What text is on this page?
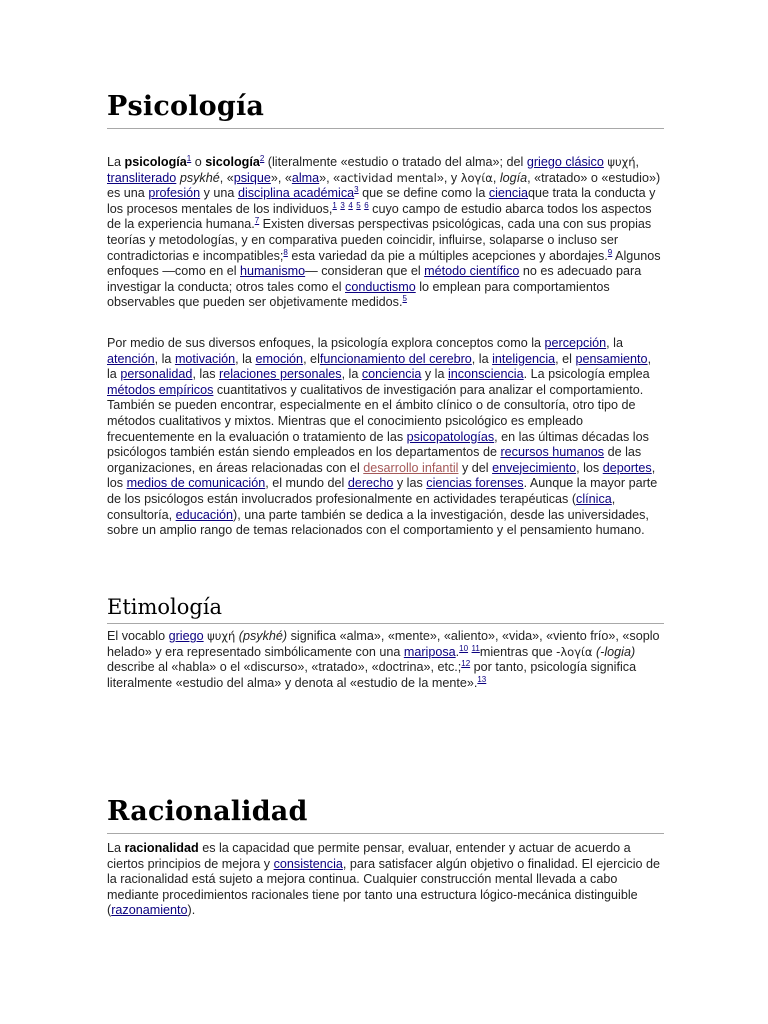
Psicología

La psicología$^1$ o sicología$^2$ (literalmente «estudio o tratado del alma»; del griego clásico ψυχή, transliterado psykhé, «psique», «alma», «actividad mental», y λογία, logía, «tratado» o «estudio») es una profesión y una disciplina académica$^3$ que se define como la cienciaque trata la conducta y los procesos mentales de los individuos,$^1$ $^3$ $^4$ $^5$ $^6$ cuyo campo de estudio abarca todos los aspectos de la experiencia humana.$^7$ Existen diversas perspectivas psicológicas, cada una con sus propias teorías y metodologías, y en comparativa pueden coincidir, influirse, solaparse o incluso ser contradictorias e incompatibles;$^8$ esta variedad da pie a múltiples acepciones y abordajes.$^9$ Algunos enfoques —como en el humanismo— consideran que el método científico no es adecuado para investigar la conducta; otros tales como el conductismo lo emplean para comportamientos observables que pueden ser objetivamente medidos.$^5$

Por medio de sus diversos enfoques, la psicología explora conceptos como la percepción, la atención, la motivación, la emoción, elfuncionamiento del cerebro, la inteligencia, el pensamiento, la personalidad, las relaciones personales, la conciencia y la inconsciencia. La psicología emplea métodos empíricos cuantitativos y cualitativos de investigación para analizar el comportamiento. También se pueden encontrar, especialmente en el ámbito clínico o de consultoría, otro tipo de métodos cualitativos y mixtos. Mientras que el conocimiento psicológico es empleado frecuentemente en la evaluación o tratamiento de las psicopatologías, en las últimas décadas los psicólogos también están siendo empleados en los departamentos de recursos humanos de las organizaciones, en áreas relacionadas con el desarrollo infantil y del envejecimiento, los deportes, los medios de comunicación, el mundo del derecho y las ciencias forenses. Aunque la mayor parte de los psicólogos están involucrados profesionalmente en actividades terapéuticas (clínica, consultoría, educación), una parte también se dedica a la investigación, desde las universidades, sobre un amplio rango de temas relacionados con el comportamiento y el pensamiento humano.

Etimología

El vocablo griego ψυχή (psykhé) significa «alma», «mente», «aliento», «vida», «viento frío», «soplo helado» y era representado simbólicamente con una mariposa.$^{10}$ $^{11}$mientras que -λογία (-logia) describe al «habla» o el «discurso», «tratado», «doctrina», etc.;$^{12}$ por tanto, psicología significa literalmente «estudio del alma» y denota al «estudio de la mente».$^{13}$

Racionalidad

La racionalidad es la capacidad que permite pensar, evaluar, entender y actuar de acuerdo a ciertos principios de mejora y consistencia, para satisfacer algún objetivo o finalidad. El ejercicio de la racionalidad está sujeto a mejora continua. Cualquier construcción mental llevada a cabo mediante procedimientos racionales tiene por tanto una estructura lógico-mecánica distinguible (razonamiento).
